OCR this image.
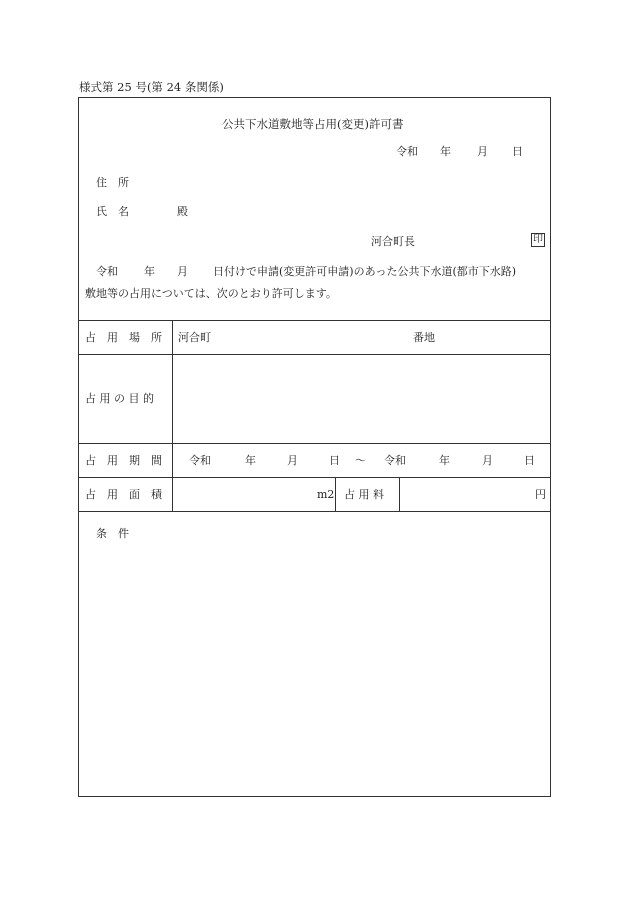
様式第 25 号(第 24 条関係)
公共下水道敷地等占用(変更)許可書
令和 年 月 日
住　所
氏　名	殿
河合町長	印
令和 年 月 日付けで申請(変更許可申請)のあった公共下水道(都市下水路)
敷地等の占用については、次のとおり許可します。
占　用　場　所 河合町	番地
占 用 の 目 的
占　用　期　間 令和	年	月	日 ～ 令和	年	月	日
占　用　面　積	m2 占 用 料	円
条　件
